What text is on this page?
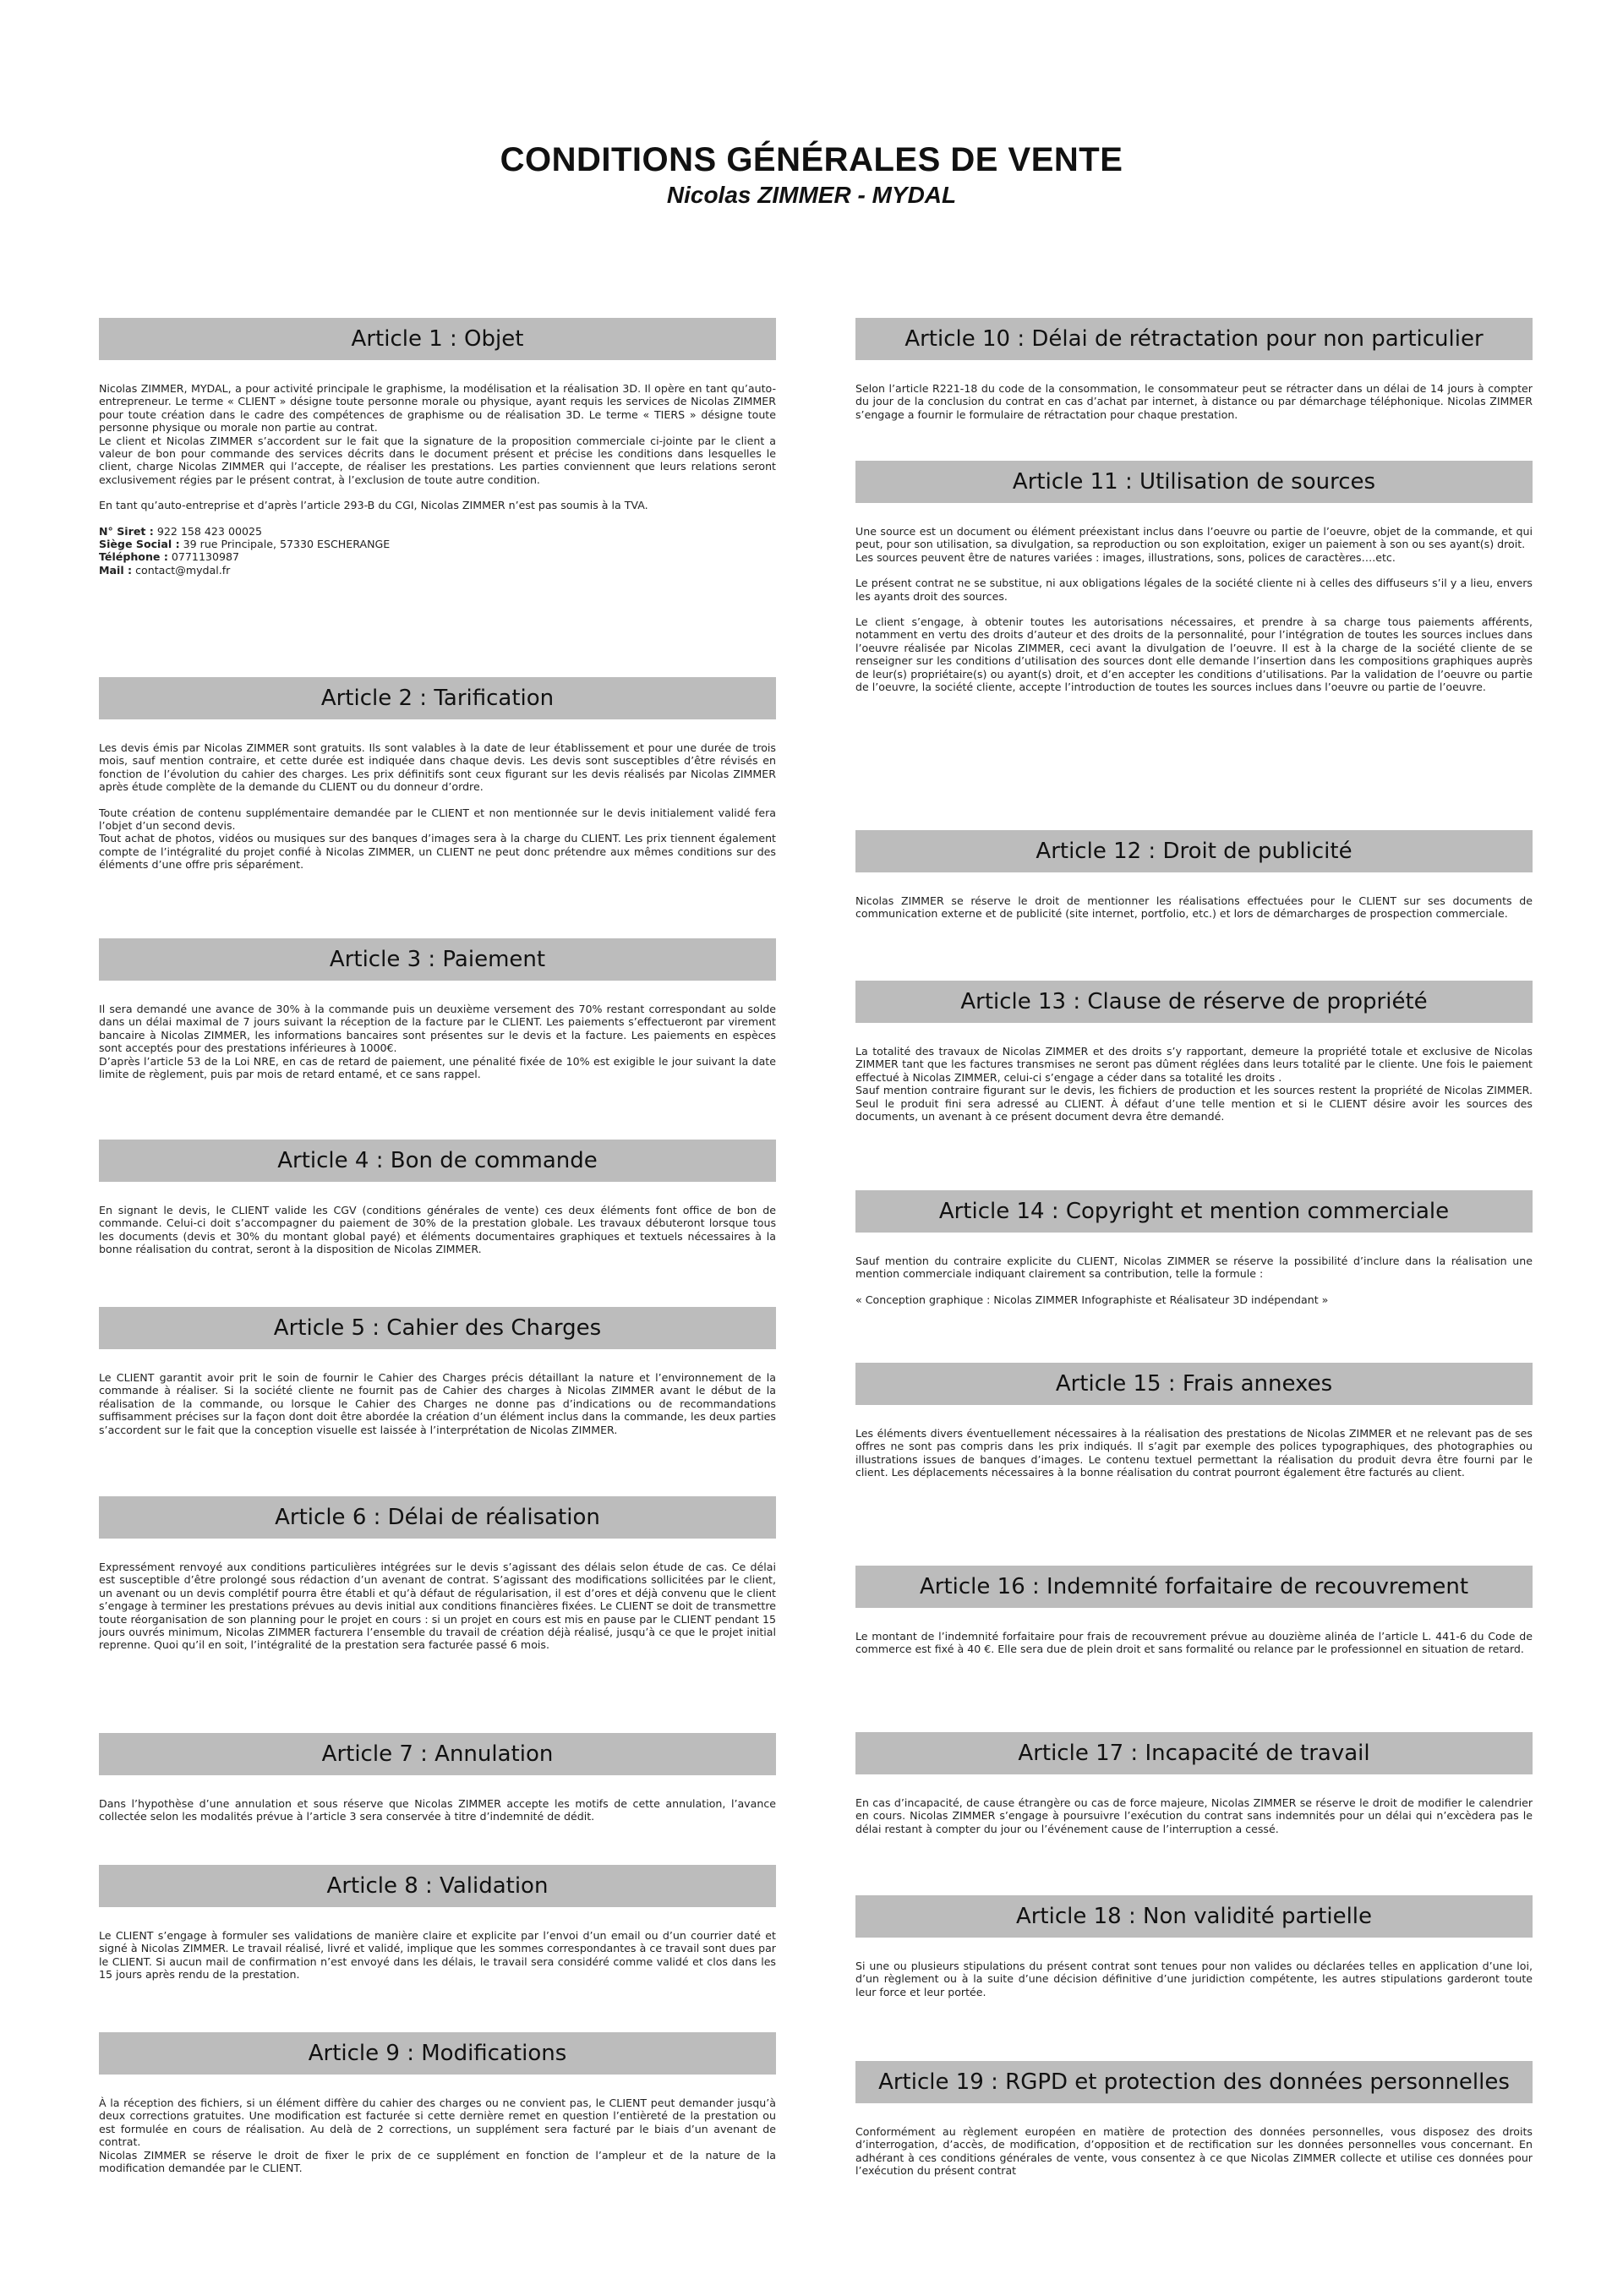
CONDITIONS GÉNÉRALES DE VENTE

Nicolas ZIMMER - MYDAL

Article 1 : Objet

Nicolas ZIMMER, MYDAL, a pour activité principale le graphisme, la modélisation et la réalisation 3D. Il opère en tant qu’auto-entrepreneur. Le terme « CLIENT » désigne toute personne morale ou physique, ayant requis les services de Nicolas ZIMMER pour toute création dans le cadre des compétences de graphisme ou de réalisation 3D. Le terme « TIERS » désigne toute personne physique ou morale non partie au contrat.

Le client et Nicolas ZIMMER s’accordent sur le fait que la signature de la proposition commerciale ci-jointe par le client a valeur de bon pour commande des services décrits dans le document présent et précise les conditions dans lesquelles le client, charge Nicolas ZIMMER qui l’accepte, de réaliser les prestations. Les parties conviennent que leurs relations seront exclusivement régies par le présent contrat, à l’exclusion de toute autre condition.

En tant qu’auto-entreprise et d’après l’article 293-B du CGI, Nicolas ZIMMER n’est pas soumis à la TVA.

N° Siret : 922 158 423 00025
Siège Social : 39 rue Principale, 57330 ESCHERANGE
Téléphone : 0771130987
Mail : contact@mydal.fr
Article 2 : Tarification

Les devis émis par Nicolas ZIMMER sont gratuits. Ils sont valables à la date de leur établissement et pour une durée de trois mois, sauf mention contraire, et cette durée est indiquée dans chaque devis. Les devis sont susceptibles d’être révisés en fonction de l’évolution du cahier des charges. Les prix définitifs sont ceux figurant sur les devis réalisés par Nicolas ZIMMER après étude complète de la demande du CLIENT ou du donneur d’ordre.

Toute création de contenu supplémentaire demandée par le CLIENT et non mentionnée sur le devis initialement validé fera l’objet d’un second devis.

Tout achat de photos, vidéos ou musiques sur des banques d’images sera à la charge du CLIENT. Les prix tiennent également compte de l’intégralité du projet confié à Nicolas ZIMMER, un CLIENT ne peut donc prétendre aux mêmes conditions sur des éléments d’une offre pris séparément.

Article 3 : Paiement

Il sera demandé une avance de 30% à la commande puis un deuxième versement des 70% restant correspondant au solde dans un délai maximal de 7 jours suivant la réception de la facture par le CLIENT. Les paiements s’effectueront par virement bancaire à Nicolas ZIMMER, les informations bancaires sont présentes sur le devis et la facture. Les paiements en espèces sont acceptés pour des prestations inférieures à 1000€.

D’après l’article 53 de la Loi NRE, en cas de retard de paiement, une pénalité fixée de 10% est exigible le jour suivant la date limite de règlement, puis par mois de retard entamé, et ce sans rappel.

Article 4 : Bon de commande

En signant le devis, le CLIENT valide les CGV (conditions générales de vente) ces deux éléments font office de bon de commande. Celui-ci doit s’accompagner du paiement de 30% de la prestation globale. Les travaux débuteront lorsque tous les documents (devis et 30% du montant global payé) et éléments documentaires graphiques et textuels nécessaires à la bonne réalisation du contrat, seront à la disposition de Nicolas ZIMMER.

Article 5 : Cahier des Charges

Le CLIENT garantit avoir prit le soin de fournir le Cahier des Charges précis détaillant la nature et l’environnement de la commande à réaliser. Si la société cliente ne fournit pas de Cahier des charges à Nicolas ZIMMER avant le début de la réalisation de la commande, ou lorsque le Cahier des Charges ne donne pas d’indications ou de recommandations suffisamment précises sur la façon dont doit être abordée la création d’un élément inclus dans la commande, les deux parties s’accordent sur le fait que la conception visuelle est laissée à l’interprétation de Nicolas ZIMMER.

Article 6 : Délai de réalisation

Expressément renvoyé aux conditions particulières intégrées sur le devis s’agissant des délais selon étude de cas. Ce délai est susceptible d’être prolongé sous rédaction d’un avenant de contrat. S’agissant des modifications sollicitées par le client, un avenant ou un devis complétif pourra être établi et qu’à défaut de régularisation, il est d’ores et déjà convenu que le client s’engage à terminer les prestations prévues au devis initial aux conditions financières fixées. Le CLIENT se doit de transmettre toute réorganisation de son planning pour le projet en cours : si un projet en cours est mis en pause par le CLIENT pendant 15 jours ouvrés minimum, Nicolas ZIMMER facturera l’ensemble du travail de création déjà réalisé, jusqu’à ce que le projet initial reprenne. Quoi qu’il en soit, l’intégralité de la prestation sera facturée passé 6 mois.

Article 7 : Annulation

Dans l’hypothèse d’une annulation et sous réserve que Nicolas ZIMMER accepte les motifs de cette annulation, l’avance collectée selon les modalités prévue à l’article 3 sera conservée à titre d’indemnité de dédit.

Article 8 : Validation

Le CLIENT s’engage à formuler ses validations de manière claire et explicite par l’envoi d’un email ou d’un courrier daté et signé à Nicolas ZIMMER. Le travail réalisé, livré et validé, implique que les sommes correspondantes à ce travail sont dues par le CLIENT. Si aucun mail de confirmation n’est envoyé dans les délais, le travail sera considéré comme validé et clos dans les 15 jours après rendu de la prestation.

Article 9 : Modifications

À la réception des fichiers, si un élément diffère du cahier des charges ou ne convient pas, le CLIENT peut demander jusqu’à deux corrections gratuites. Une modification est facturée si cette dernière remet en question l’entièreté de la prestation ou est formulée en cours de réalisation. Au delà de 2 corrections, un supplément sera facturé par le biais d’un avenant de contrat.

Nicolas ZIMMER se réserve le droit de fixer le prix de ce supplément en fonction de l’ampleur et de la nature de la modification demandée par le CLIENT.

Article 10 : Délai de rétractation pour non particulier

Selon l’article R221-18 du code de la consommation, le consommateur peut se rétracter dans un délai de 14 jours à compter du jour de la conclusion du contrat en cas d’achat par internet, à distance ou par démarchage téléphonique. Nicolas ZIMMER s’engage a fournir le formulaire de rétractation pour chaque prestation.

Article 11 : Utilisation de sources

Une source est un document ou élément préexistant inclus dans l’oeuvre ou partie de l’oeuvre, objet de la commande, et qui peut, pour son utilisation, sa divulgation, sa reproduction ou son exploitation, exiger un paiement à son ou ses ayant(s) droit.

Les sources peuvent être de natures variées : images, illustrations, sons, polices de caractères….etc.

Le présent contrat ne se substitue, ni aux obligations légales de la société cliente ni à celles des diffuseurs s’il y a lieu, envers les ayants droit des sources.

Le client s’engage, à obtenir toutes les autorisations nécessaires, et prendre à sa charge tous paiements afférents, notamment en vertu des droits d’auteur et des droits de la personnalité, pour l’intégration de toutes les sources inclues dans l’oeuvre réalisée par Nicolas ZIMMER, ceci avant la divulgation de l’oeuvre. Il est à la charge de la société cliente de se renseigner sur les conditions d’utilisation des sources dont elle demande l’insertion dans les compositions graphiques auprès de leur(s) propriétaire(s) ou ayant(s) droit, et d’en accepter les conditions d’utilisations. Par la validation de l’oeuvre ou partie de l’oeuvre, la société cliente, accepte l’introduction de toutes les sources inclues dans l’oeuvre ou partie de l’oeuvre.

Article 12 : Droit de publicité

Nicolas ZIMMER se réserve le droit de mentionner les réalisations effectuées pour le CLIENT sur ses documents de communication externe et de publicité (site internet, portfolio, etc.) et lors de démarcharges de prospection commerciale.

Article 13 : Clause de réserve de propriété

La totalité des travaux de Nicolas ZIMMER et des droits s’y rapportant, demeure la propriété totale et exclusive de Nicolas ZIMMER tant que les factures transmises ne seront pas dûment réglées dans leurs totalité par le cliente. Une fois le paiement effectué à Nicolas ZIMMER, celui-ci s’engage a céder dans sa totalité les droits .

Sauf mention contraire figurant sur le devis, les fichiers de production et les sources restent la propriété de Nicolas ZIMMER. Seul le produit fini sera adressé au CLIENT. À défaut d’une telle mention et si le CLIENT désire avoir les sources des documents, un avenant à ce présent document devra être demandé.

Article 14 : Copyright et mention commerciale

Sauf mention du contraire explicite du CLIENT, Nicolas ZIMMER se réserve la possibilité d’inclure dans la réalisation une mention commerciale indiquant clairement sa contribution, telle la formule :

« Conception graphique : Nicolas ZIMMER Infographiste et Réalisateur 3D indépendant »

Article 15 : Frais annexes

Les éléments divers éventuellement nécessaires à la réalisation des prestations de Nicolas ZIMMER et ne relevant pas de ses offres ne sont pas compris dans les prix indiqués. Il s’agit par exemple des polices typographiques, des photographies ou illustrations issues de banques d’images. Le contenu textuel permettant la réalisation du produit devra être fourni par le client. Les déplacements nécessaires à la bonne réalisation du contrat pourront également être facturés au client.

Article 16 : Indemnité forfaitaire de recouvrement

Le montant de l’indemnité forfaitaire pour frais de recouvrement prévue au douzième alinéa de l’article L. 441-6 du Code de commerce est fixé à 40 €. Elle sera due de plein droit et sans formalité ou relance par le professionnel en situation de retard.

Article 17 : Incapacité de travail

En cas d’incapacité, de cause étrangère ou cas de force majeure, Nicolas ZIMMER se réserve le droit de modifier le calendrier en cours. Nicolas ZIMMER s’engage à poursuivre l’exécution du contrat sans indemnités pour un délai qui n’excèdera pas le délai restant à compter du jour ou l’événement cause de l’interruption a cessé.

Article 18 : Non validité partielle

Si une ou plusieurs stipulations du présent contrat sont tenues pour non valides ou déclarées telles en application d’une loi, d’un règlement ou à la suite d’une décision définitive d’une juridiction compétente, les autres stipulations garderont toute leur force et leur portée.

Article 19 : RGPD et protection des données personnelles

Conformément au règlement européen en matière de protection des données personnelles, vous disposez des droits d’interrogation, d’accès, de modification, d’opposition et de rectification sur les données personnelles vous concernant. En adhérant à ces conditions générales de vente, vous consentez à ce que Nicolas ZIMMER collecte et utilise ces données pour l’exécution du présent contrat
